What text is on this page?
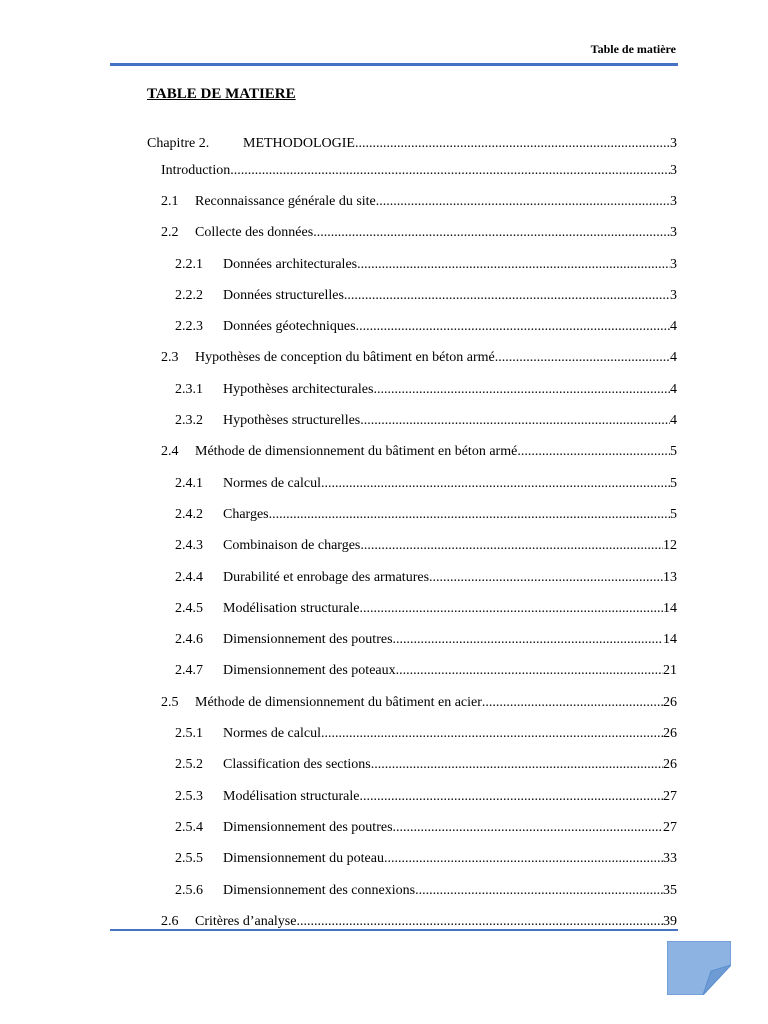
Table de matière
TABLE DE MATIERE
Chapitre 2.	METHODOLOGIE .....	3
Introduction .....	3
2.1	Reconnaissance générale du site .....	3
2.2	Collecte des données .....	3
2.2.1	Données architecturales .....	3
2.2.2	Données structurelles .....	3
2.2.3	Données géotechniques .....	4
2.3	Hypothèses de conception du bâtiment en béton armé .....	4
2.3.1	Hypothèses architecturales .....	4
2.3.2	Hypothèses structurelles .....	4
2.4	Méthode de dimensionnement du bâtiment en béton armé .....	5
2.4.1	Normes de calcul .....	5
2.4.2	Charges .....	5
2.4.3	Combinaison de charges .....	12
2.4.4	Durabilité et enrobage des armatures .....	13
2.4.5	Modélisation structurale .....	14
2.4.6	Dimensionnement des poutres .....	14
2.4.7	Dimensionnement des poteaux .....	21
2.5	Méthode de dimensionnement du bâtiment en acier .....	26
2.5.1	Normes de calcul .....	26
2.5.2	Classification des sections .....	26
2.5.3	Modélisation structurale .....	27
2.5.4	Dimensionnement des poutres .....	27
2.5.5	Dimensionnement du poteau .....	33
2.5.6	Dimensionnement des connexions .....	35
2.6	Critères d’analyse .....	39
